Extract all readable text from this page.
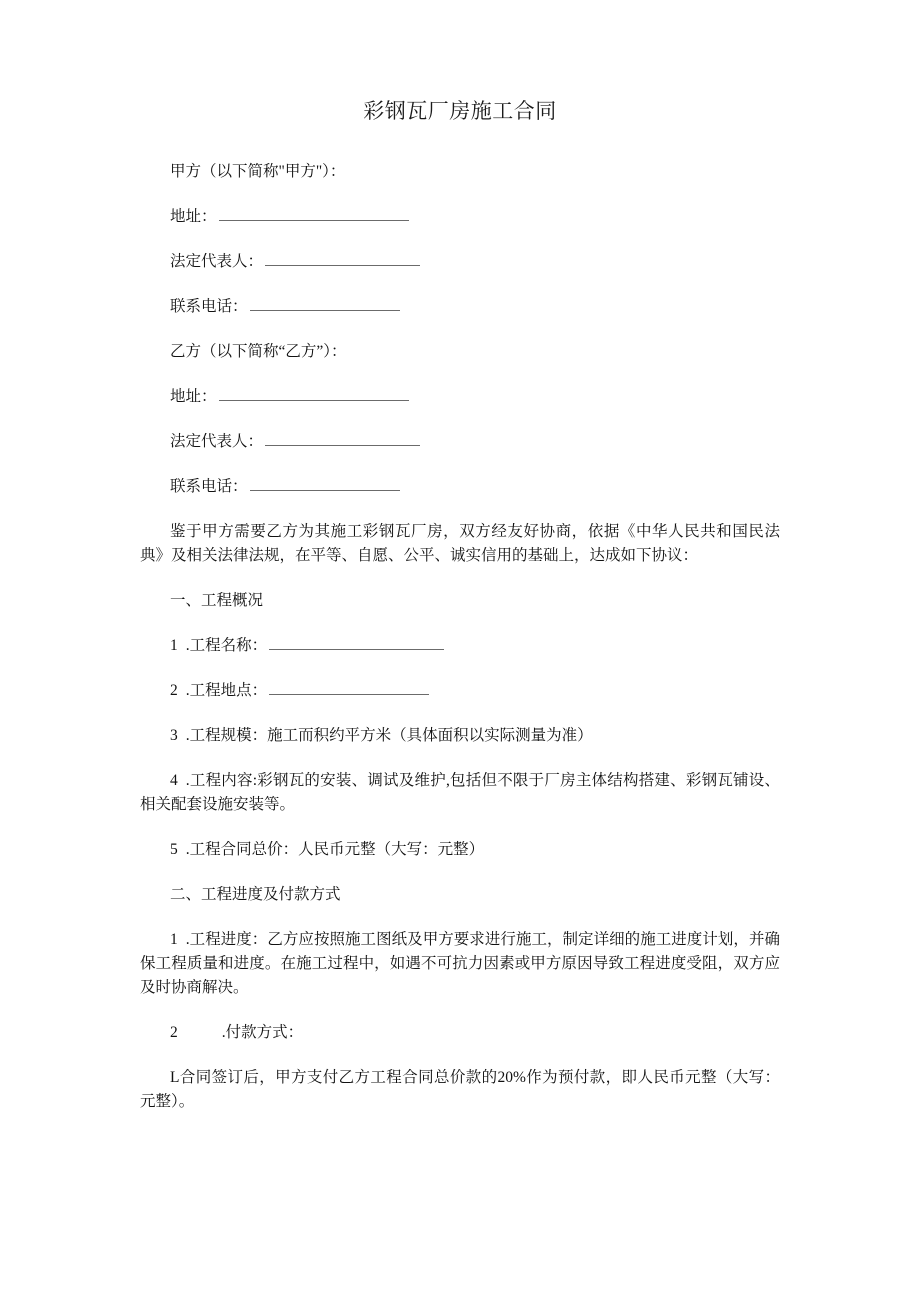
彩钢瓦厂房施工合同

甲方（以下简称"甲方"）：

地址：

法定代表人：

联系电话：

乙方（以下简称“乙方”）：

地址：

法定代表人：

联系电话：

鉴于甲方需要乙方为其施工彩钢瓦厂房，双方经友好协商，依据《中华人民共和国民法典》及相关法律法规，在平等、自愿、公平、诚实信用的基础上，达成如下协议：

一、工程概况

1 .工程名称：

2 .工程地点：

3 .工程规模：施工而积约平方米（具体面积以实际测量为准）

4 .工程内容:彩钢瓦的安装、调试及维护,包括但不限于厂房主体结构搭建、彩钢瓦铺设、相关配套设施安装等。

5 .工程合同总价：人民币元整（大写：元整）

二、工程进度及付款方式

1 .工程进度：乙方应按照施工图纸及甲方要求进行施工，制定详细的施工进度计划，并确保工程质量和进度。在施工过程中，如遇不可抗力因素或甲方原因导致工程进度受阻，双方应及时协商解决。

2	.付款方式：

L合同签订后，甲方支付乙方工程合同总价款的20%作为预付款，即人民币元整（大写：元整）。
